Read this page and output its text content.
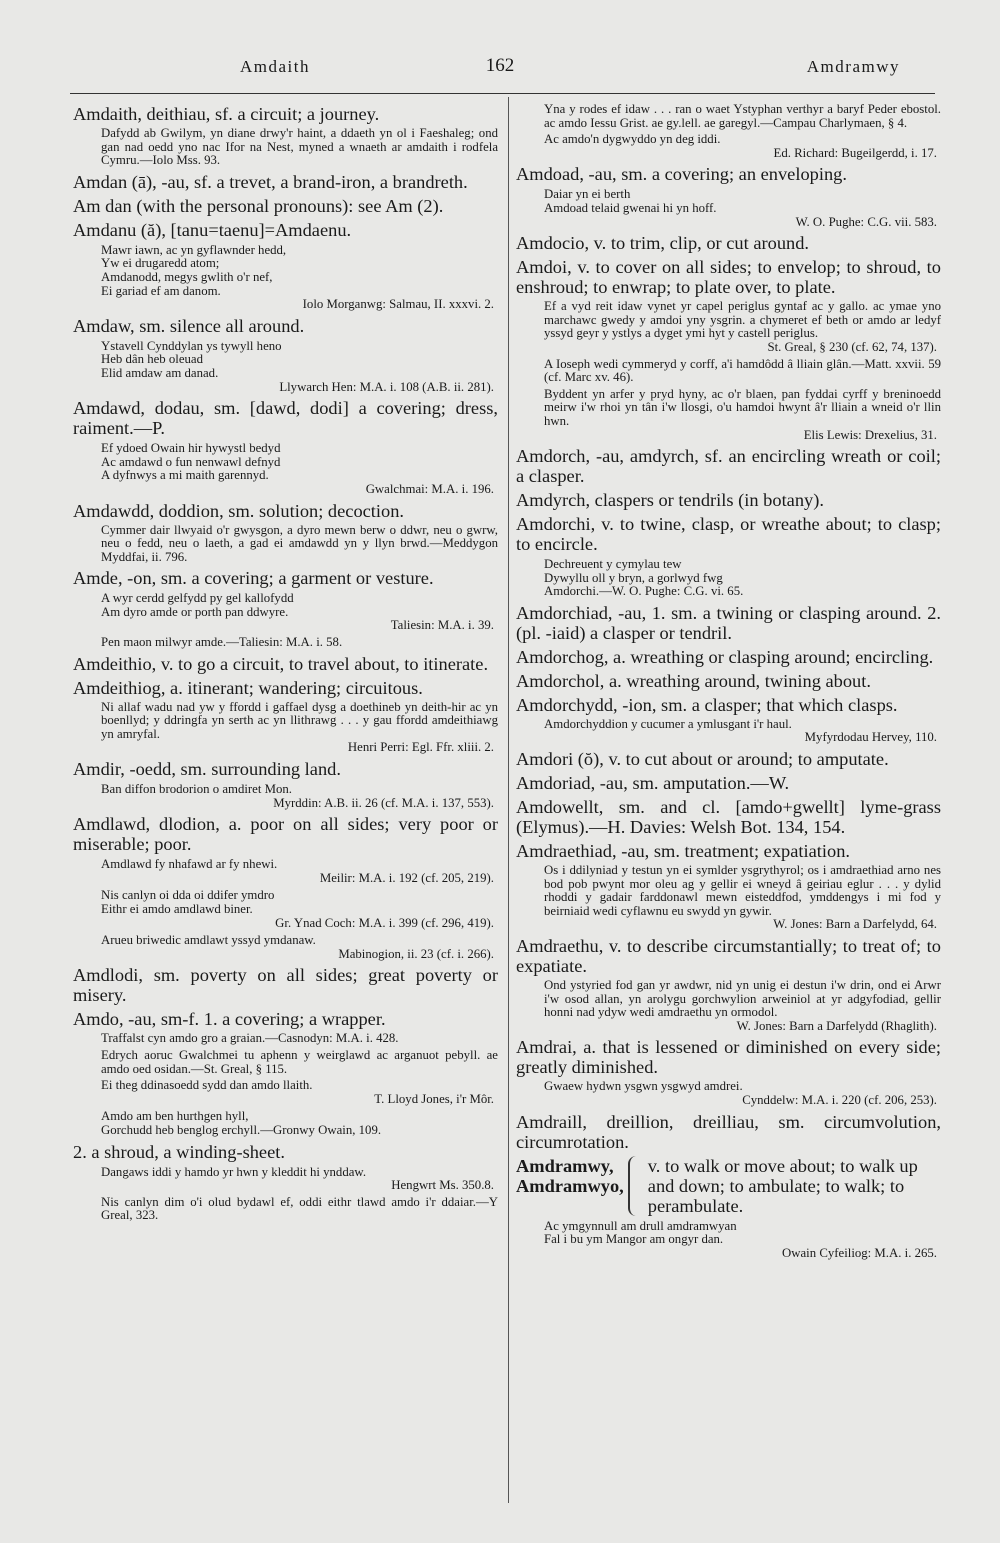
Amdaith	162	Amdramwy

Amdaith, deithiau, sf. a circuit; a journey.

Dafydd ab Gwilym, yn diane drwy'r haint, a ddaeth yn ol i Faeshaleg; ond gan nad oedd yno nac Ifor na Nest, myned a wnaeth ar amdaith i rodfela Cymru.—Iolo Mss. 93.

Amdan (ā), -au, sf. a trevet, a brand-iron, a brandreth.

Am dan (with the personal pronouns): see Am (2).

Amdanu (ă), [tanu=taenu]=Amdaenu.

Mawr iawn, ac yn gyflawnder hedd,
Yw ei drugaredd atom;
Amdanodd, megys gwlith o'r nef,
Ei gariad ef am danom.

Iolo Morganwg: Salmau, II. xxxvi. 2.

Amdaw, sm. silence all around.

Ystavell Cynddylan ys tywyll heno
Heb dân heb oleuad
Elid amdaw am danad.

Llywarch Hen: M.A. i. 108 (A.B. ii. 281).

Amdawd, dodau, sm. [dawd, dodi] a covering; dress, raiment.—P.

Ef ydoed Owain hir hywystl bedyd
Ac amdawd o fun nenwawl defnyd
A dyfnwys a mi maith garennyd.

Gwalchmai: M.A. i. 196.

Amdawdd, doddion, sm. solution; decoction.

Cymmer dair llwyaid o'r gwysgon, a dyro mewn berw o ddwr, neu o gwrw, neu o fedd, neu o laeth, a gad ei amdawdd yn y llyn brwd.—Meddygon Myddfai, ii. 796.

Amde, -on, sm. a covering; a garment or vesture.

A wyr cerdd gelfydd py gel kallofydd
Am dyro amde or porth pan ddwyre.

Taliesin: M.A. i. 39.

Pen maon milwyr amde.—Taliesin: M.A. i. 58.

Amdeithio, v. to go a circuit, to travel about, to itinerate.

Amdeithiog, a. itinerant; wandering; circuitous.

Ni allaf wadu nad yw y ffordd i gaffael dysg a doethineb yn deith-hir ac yn boenllyd; y ddringfa yn serth ac yn llithrawg . . . y gau ffordd amdeithiawg yn amryfal.

Henri Perri: Egl. Ffr. xliii. 2.

Amdir, -oedd, sm. surrounding land.

Ban diffon brodorion o amdiret Mon.

Myrddin: A.B. ii. 26 (cf. M.A. i. 137, 553).

Amdlawd, dlodion, a. poor on all sides; very poor or miserable; poor.

Amdlawd fy nhafawd ar fy nhewi.

Meilir: M.A. i. 192 (cf. 205, 219).

Nis canlyn oi dda oi ddifer ymdro
Eithr ei amdo amdlawd biner.

Gr. Ynad Coch: M.A. i. 399 (cf. 296, 419).

Arueu briwedic amdlawt yssyd ymdanaw.

Mabinogion, ii. 23 (cf. i. 266).

Amdlodi, sm. poverty on all sides; great poverty or misery.

Amdo, -au, sm-f. 1. a covering; a wrapper.

Traffalst cyn amdo gro a graian.—Casnodyn: M.A. i. 428.

Edrych aoruc Gwalchmei tu aphenn y weirglawd ac arganuot pebyll. ae amdo oed osidan.—St. Greal, § 115.

Ei theg ddinasoedd sydd dan amdo llaith.

T. Lloyd Jones, i'r Môr.

Amdo am ben hurthgen hyll,
Gorchudd heb benglog erchyll.—Gronwy Owain, 109.

2. a shroud, a winding-sheet.

Dangaws iddi y hamdo yr hwn y kleddit hi ynddaw.

Hengwrt Ms. 350.8.

Nis canlyn dim o'i olud bydawl ef, oddi eithr tlawd amdo i'r ddaiar.—Y Greal, 323.

Yna y rodes ef idaw . . . ran o waet Ystyphan verthyr a baryf Peder ebostol. ac amdo Iessu Grist. ae gy.lell. ae garegyl.—Campau Charlymaen, § 4.

Ac amdo'n dygwyddo yn deg iddi.

Ed. Richard: Bugeilgerdd, i. 17.

Amdoad, -au, sm. a covering; an enveloping.

Daiar yn ei berth
Amdoad telaid gwenai hi yn hoff.

W. O. Pughe: C.G. vii. 583.

Amdocio, v. to trim, clip, or cut around.

Amdoi, v. to cover on all sides; to envelop; to shroud, to enshroud; to enwrap; to plate over, to plate.

Ef a vyd reit idaw vynet yr capel periglus gyntaf ac y gallo. ac ymae yno marchawc gwedy y amdoi yny ysgrin. a chymeret ef beth or amdo ar ledyf yssyd geyr y ystlys a dyget ymi hyt y castell periglus.

St. Greal, § 230 (cf. 62, 74, 137).

A Ioseph wedi cymmeryd y corff, a'i hamdôdd â lliain glân.—Matt. xxvii. 59 (cf. Marc xv. 46).

Byddent yn arfer y pryd hyny, ac o'r blaen, pan fyddai cyrff y breninoedd meirw i'w rhoi yn tân i'w llosgi, o'u hamdoi hwynt â'r lliain a wneid o'r llin hwn.

Elis Lewis: Drexelius, 31.

Amdorch, -au, amdyrch, sf. an encircling wreath or coil; a clasper.

Amdyrch, claspers or tendrils (in botany).

Amdorchi, v. to twine, clasp, or wreathe about; to clasp; to encircle.

Dechreuent y cymylau tew
Dywyllu oll y bryn, a gorlwyd fwg
Amdorchi.—W. O. Pughe: C.G. vi. 65.

Amdorchiad, -au, 1. sm. a twining or clasping around. 2. (pl. -iaid) a clasper or tendril.

Amdorchog, a. wreathing or clasping around; encircling.

Amdorchol, a. wreathing around, twining about.

Amdorchydd, -ion, sm. a clasper; that which clasps.

Amdorchyddion y cucumer a ymlusgant i'r haul.

Myfyrdodau Hervey, 110.

Amdori (ŏ), v. to cut about or around; to amputate.

Amdoriad, -au, sm. amputation.—W.

Amdowellt, sm. and cl. [amdo+gwellt] lyme-grass (Elymus).—H. Davies: Welsh Bot. 134, 154.

Amdraethiad, -au, sm. treatment; expatiation.

Os i ddilyniad y testun yn ei symlder ysgrythyrol; os i amdraethiad arno nes bod pob pwynt mor oleu ag y gellir ei wneyd â geiriau eglur . . . y dylid rhoddi y gadair farddonawl mewn eisteddfod, ymddengys i mi fod y beirniaid wedi cyflawnu eu swydd yn gywir.

W. Jones: Barn a Darfelydd, 64.

Amdraethu, v. to describe circumstantially; to treat of; to expatiate.

Ond ystyried fod gan yr awdwr, nid yn unig ei destun i'w drin, ond ei Arwr i'w osod allan, yn arolygu gorchwylion arweiniol at yr adgyfodiad, gellir honni nad ydyw wedi amdraethu yn ormodol.

W. Jones: Barn a Darfelydd (Rhaglith).

Amdrai, a. that is lessened or diminished on every side; greatly diminished.

Gwaew hydwn ysgwn ysgwyd amdrei.

Cynddelw: M.A. i. 220 (cf. 206, 253).

Amdraill, dreillion, dreilliau, sm. circumvolution, circumrotation.

Amdramwy,
Amdramwyo,
v. to walk or move about; to walk up and down; to ambulate; to walk; to perambulate.
Ac ymgynnull am drull amdramwyan
Fal i bu ym Mangor am ongyr dan.

Owain Cyfeiliog: M.A. i. 265.
